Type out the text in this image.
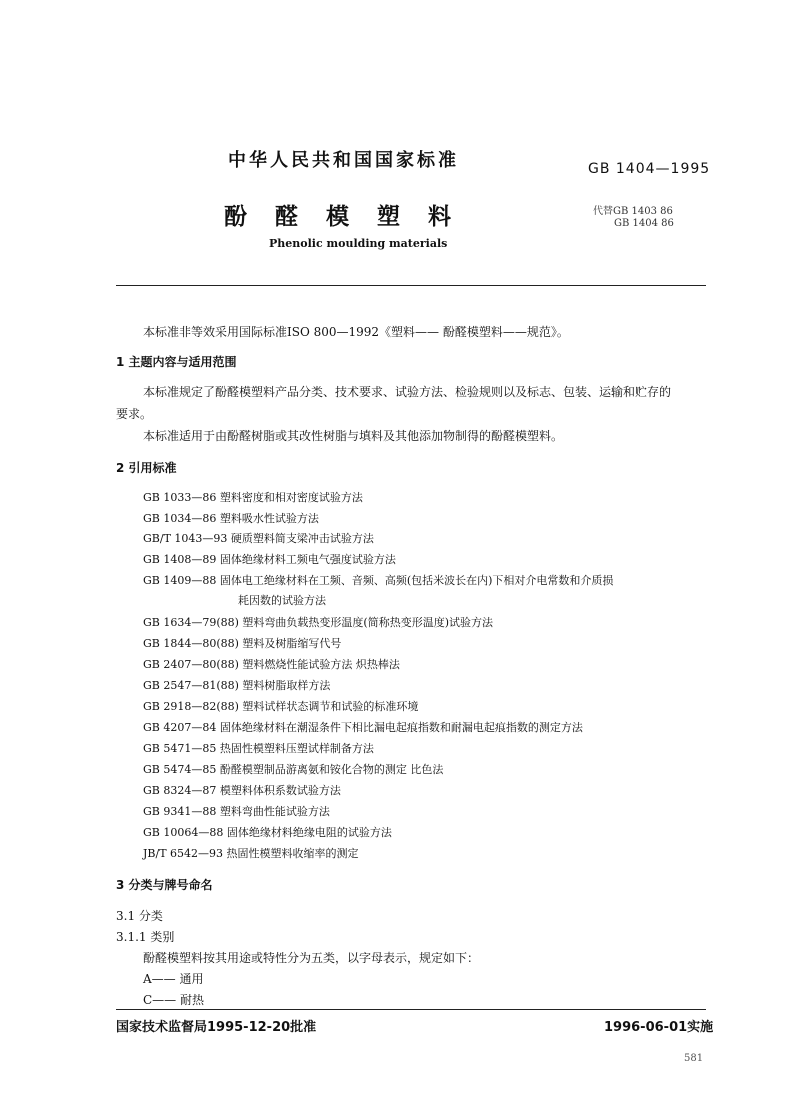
中华人民共和国国家标准	GB 1404—1995
酚醛模塑料	代替GB 1403 86
GB 1404 86
Phenolic moulding materials
本标准非等效采用国际标准ISO 800—1992《塑料—— 酚醛模塑料——规范》。
1 主题内容与适用范围
本标准规定了酚醛模塑料产品分类、技术要求、试验方法、检验规则以及标志、包装、运输和贮存的
要求。
本标准适用于由酚醛树脂或其改性树脂与填料及其他添加物制得的酚醛模塑料。
2 引用标准
GB 1033—86 塑料密度和相对密度试验方法
GB 1034—86 塑料吸水性试验方法
GB/T 1043—93 硬质塑料简支梁冲击试验方法
GB 1408—89 固体绝缘材料工频电气强度试验方法
GB 1409—88 固体电工绝缘材料在工频、音频、高频(包括米波长在内)下相对介电常数和介质损
耗因数的试验方法
GB 1634—79(88) 塑料弯曲负载热变形温度(简称热变形温度)试验方法
GB 1844—80(88) 塑料及树脂缩写代号
GB 2407—80(88) 塑料燃烧性能试验方法 炽热棒法
GB 2547—81(88) 塑料树脂取样方法
GB 2918—82(88) 塑料试样状态调节和试验的标准环境
GB 4207—84 固体绝缘材料在潮湿条件下相比漏电起痕指数和耐漏电起痕指数的测定方法
GB 5471—85 热固性模塑料压塑试样制备方法
GB 5474—85 酚醛模塑制品游离氨和铵化合物的测定 比色法
GB 8324—87 模塑料体积系数试验方法
GB 9341—88 塑料弯曲性能试验方法
GB 10064—88 固体绝缘材料绝缘电阻的试验方法
JB/T 6542—93 热固性模塑料收缩率的测定
3 分类与牌号命名
3.1 分类
3.1.1 类别
酚醛模塑料按其用途或特性分为五类，以字母表示，规定如下：
A—— 通用
C—— 耐热
国家技术监督局1995-12-20批准	1996-06-01实施
581
